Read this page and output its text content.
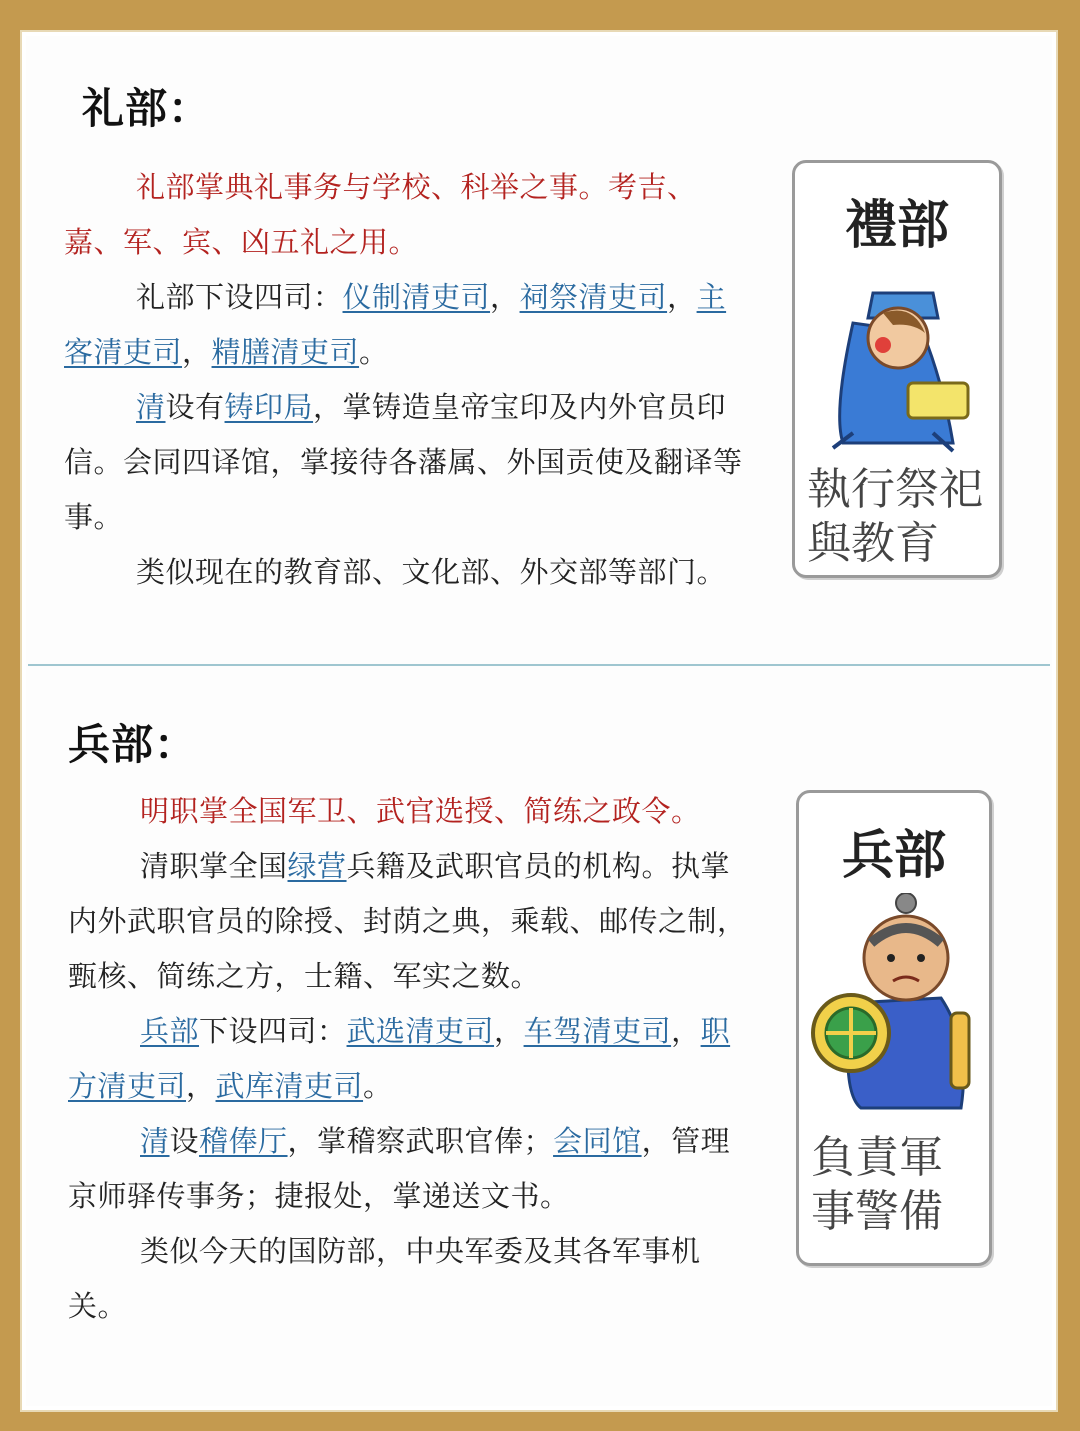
礼部：

礼部掌典礼事务与学校、科举之事。考吉、嘉、军、宾、凶五礼之用。

礼部下设四司：仪制清吏司，祠祭清吏司，主客清吏司，精膳清吏司。

清设有铸印局，掌铸造皇帝宝印及内外官员印信。会同四译馆，掌接待各藩属、外国贡使及翻译等事。

类似现在的教育部、文化部、外交部等部门。

禮部
執行祭祀與教育
兵部：

明职掌全国军卫、武官选授、简练之政令。

清职掌全国绿营兵籍及武职官员的机构。执掌内外武职官员的除授、封荫之典，乘载、邮传之制，甄核、简练之方，士籍、军实之数。

兵部下设四司：武选清吏司，车驾清吏司，职方清吏司，武库清吏司。

清设稽俸厅，掌稽察武职官俸；会同馆，管理京师驿传事务；捷报处，掌递送文书。

类似今天的国防部，中央军委及其各军事机关。

兵部
負責軍事警備
